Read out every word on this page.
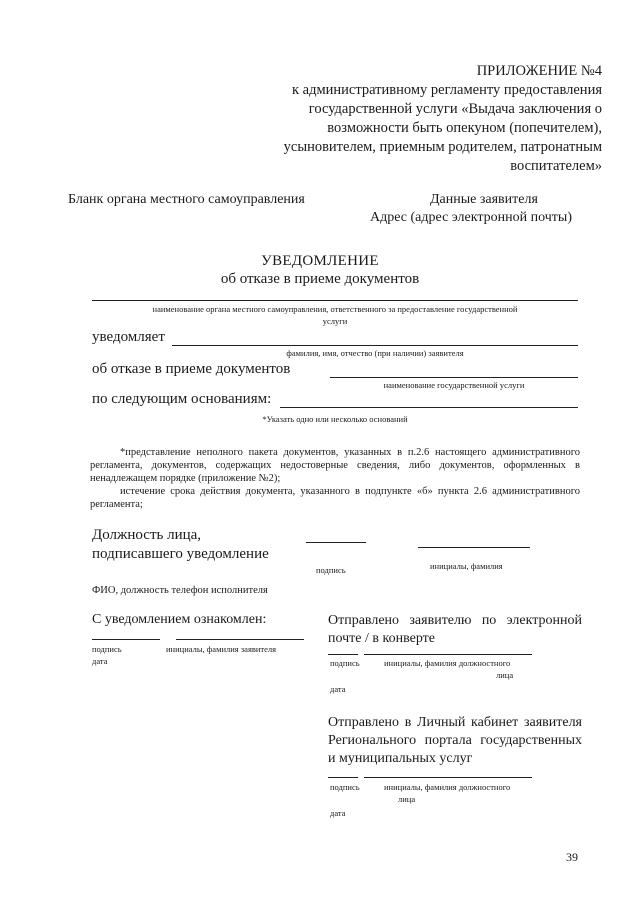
ПРИЛОЖЕНИЕ №4
к административному регламенту предоставления
государственной услуги «Выдача заключения о
возможности быть опекуном (попечителем),
усыновителем, приемным родителем, патронатным
воспитателем»
Бланк органа местного самоуправления	Данные заявителя
Адрес (адрес электронной почты)
УВЕДОМЛЕНИЕ
об отказе в приеме документов
наименование органа местного самоуправления, ответственного за предоставление государственной
услуги
уведомляет
фамилия, имя, отчество (при наличии) заявителя
об отказе в приеме документов
наименование государственной услуги
по следующим основаниям:
*Указать одно или несколько оснований

*представление неполного пакета документов, указанных в п.2.6 настоящего административного регламента, документов, содержащих недостоверные сведения, либо документов, оформленных в ненадлежащем порядке (приложение №2);

истечение срока действия документа, указанного в подпункте «б» пункта 2.6 административного регламента;

Должность лица,
подписавшего уведомление
подпись	инициалы, фамилия
ФИО, должность телефон исполнителя
С уведомлением ознакомлен:
подпись	инициалы, фамилия заявителя
дата
Отправлено заявителю по электронной почте / в конверте
подпись	инициалы, фамилия должностного
лица
дата
Отправлено в Личный кабинет заявителя Регионального портала государственных и муниципальных услуг
подпись	инициалы, фамилия должностного
лица
дата
39
